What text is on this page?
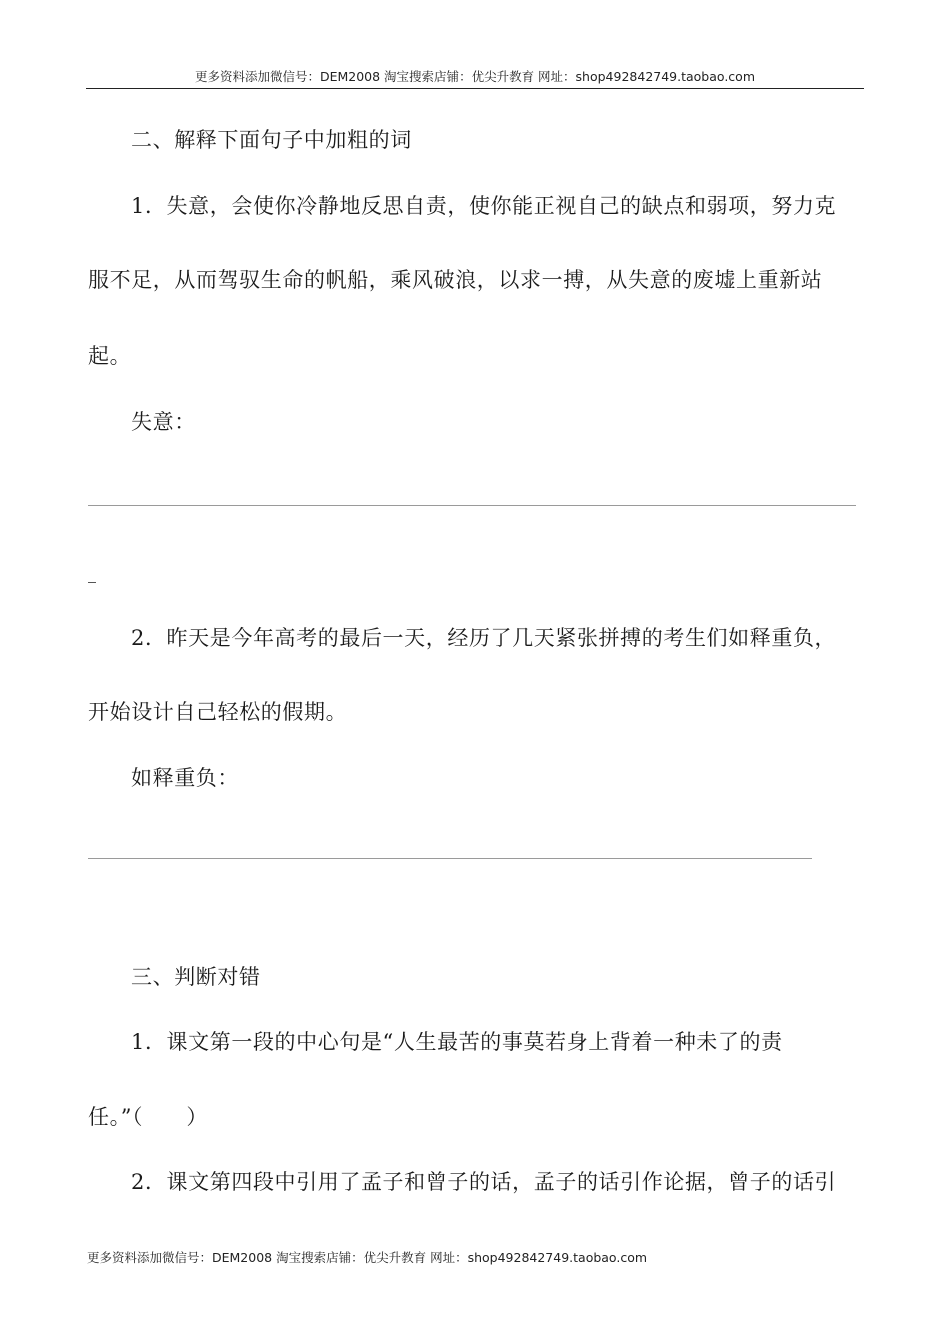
更多资料添加微信号：DEM2008 淘宝搜索店铺：优尖升教育 网址：shop492842749.taobao.com
二、解释下面句子中加粗的词
1．失意，会使你冷静地反思自责，使你能正视自己的缺点和弱项，努力克
服不足，从而驾驭生命的帆船，乘风破浪，以求一搏，从失意的废墟上重新站
起。
失意：
2．昨天是今年高考的最后一天，经历了几天紧张拼搏的考生们如释重负，
开始设计自己轻松的假期。
如释重负：
三、判断对错
1．课文第一段的中心句是“人生最苦的事莫若身上背着一种未了的责
任。”（　　）
2．课文第四段中引用了孟子和曾子的话，孟子的话引作论据，曾子的话引
更多资料添加微信号：DEM2008 淘宝搜索店铺：优尖升教育 网址：shop492842749.taobao.com
